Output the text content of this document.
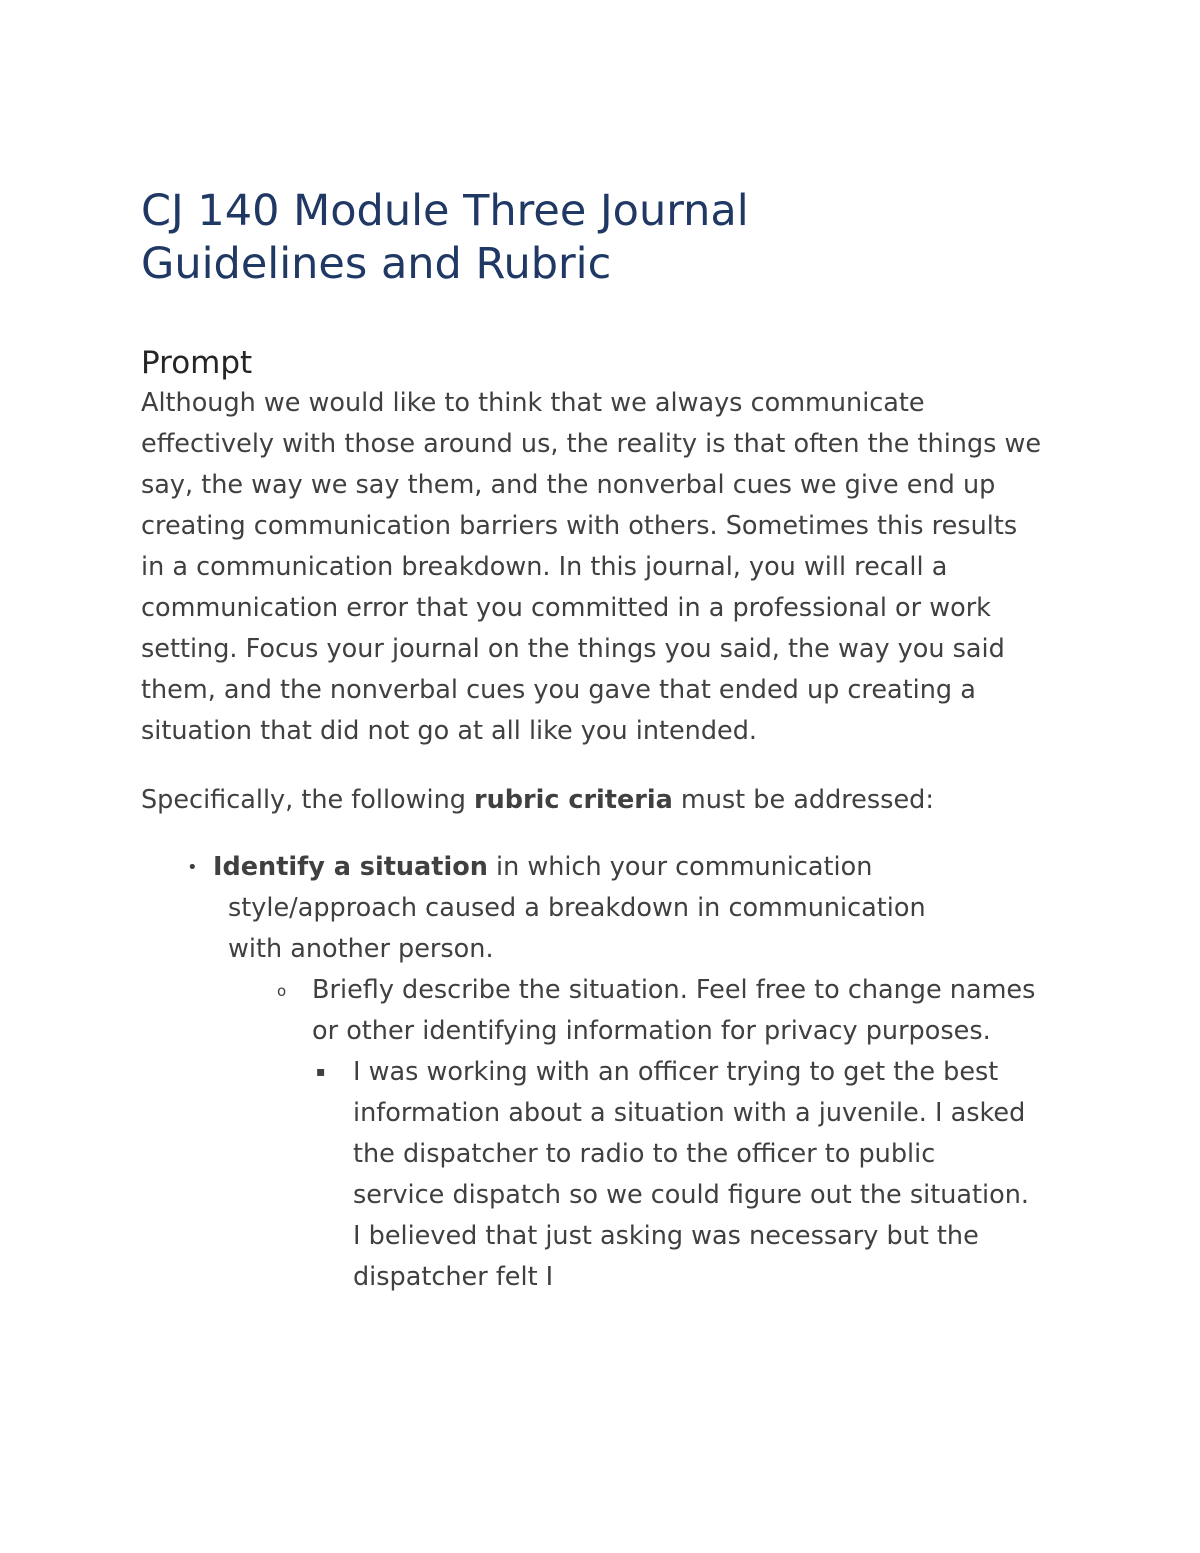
CJ 140 Module Three Journal Guidelines and Rubric
Prompt

Although we would like to think that we always communicate effectively with those around us, the reality is that often the things we say, the way we say them, and the nonverbal cues we give end up creating communication barriers with others. Sometimes this results in a communication breakdown. In this journal, you will recall a communication error that you committed in a professional or work setting. Focus your journal on the things you said, the way you said them, and the nonverbal cues you gave that ended up creating a situation that did not go at all like you intended.

Specifically, the following rubric criteria must be addressed:

• Identify a situation in which your communication style/approach caused a breakdown in communication with another person.
o Briefly describe the situation. Feel free to change names or other identifying information for privacy purposes.
▪ I was working with an officer trying to get the best information about a situation with a juvenile. I asked the dispatcher to radio to the officer to public service dispatch so we could figure out the situation. I believed that just asking was necessary but the dispatcher felt I
